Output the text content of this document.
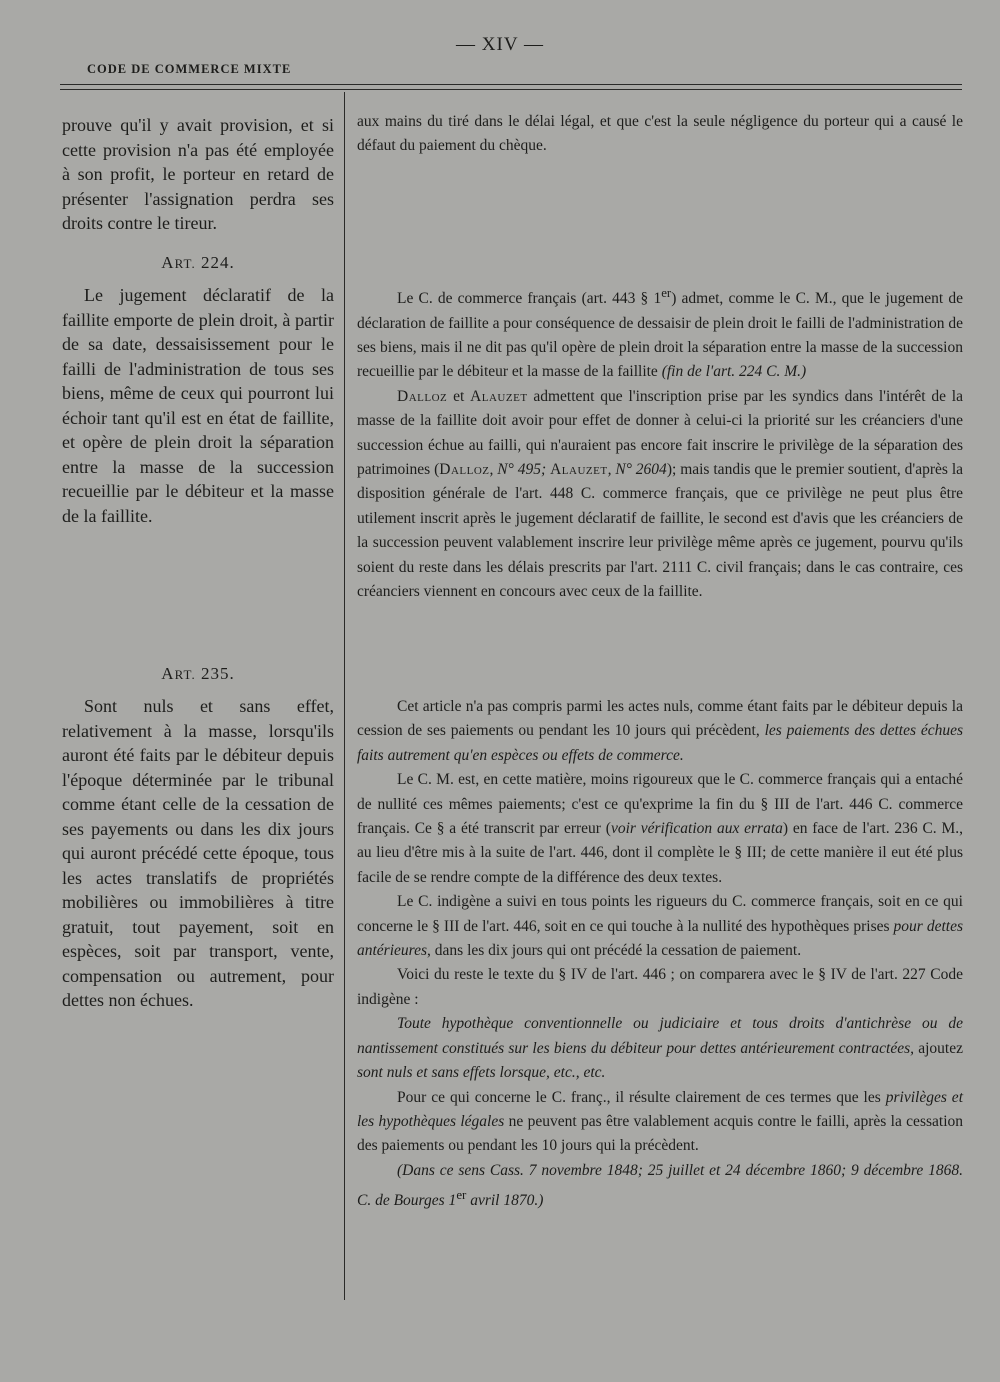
— XIV —
CODE DE COMMERCE MIXTE

prouve qu'il y avait provision, et si cette provision n'a pas été employée à son profit, le porteur en retard de présenter l'assignation perdra ses droits contre le tireur.

ART. 224.

Le jugement déclaratif de la faillite emporte de plein droit, à partir de sa date, dessaisissement pour le failli de l'administration de tous ses biens, même de ceux qui pourront lui échoir tant qu'il est en état de faillite, et opère de plein droit la séparation entre la masse de la succession recueillie par le débiteur et la masse de la faillite.

ART. 235.

Sont nuls et sans effet, relativement à la masse, lorsqu'ils auront été faits par le débiteur depuis l'époque déterminée par le tribunal comme étant celle de la cessation de ses payements ou dans les dix jours qui auront précédé cette époque, tous les actes translatifs de propriétés mobilières ou immobilières à titre gratuit, tout payement, soit en espèces, soit par transport, vente, compensation ou autrement, pour dettes non échues.

aux mains du tiré dans le délai légal, et que c'est la seule négligence du porteur qui a causé le défaut du paiement du chèque.

Le C. de commerce français (art. 443 § 1er) admet, comme le C. M., que le jugement de déclaration de faillite a pour conséquence de dessaisir de plein droit le failli de l'administration de ses biens, mais il ne dit pas qu'il opère de plein droit la séparation entre la masse de la succession recueillie par le débiteur et la masse de la faillite (fin de l'art. 224 C. M.)

Dalloz et Alauzet admettent que l'inscription prise par les syndics dans l'intérêt de la masse de la faillite doit avoir pour effet de donner à celui-ci la priorité sur les créanciers d'une succession échue au failli, qui n'auraient pas encore fait inscrire le privilège de la séparation des patrimoines (Dalloz, N° 495; Alauzet, N° 2604); mais tandis que le premier soutient, d'après la disposition générale de l'art. 448 C. commerce français, que ce privilège ne peut plus être utilement inscrit après le jugement déclaratif de faillite, le second est d'avis que les créanciers de la succession peuvent valablement inscrire leur privilège même après ce jugement, pourvu qu'ils soient du reste dans les délais prescrits par l'art. 2111 C. civil français; dans le cas contraire, ces créanciers viennent en concours avec ceux de la faillite.

Cet article n'a pas compris parmi les actes nuls, comme étant faits par le débiteur depuis la cession de ses paiements ou pendant les 10 jours qui précèdent, les paiements des dettes échues faits autrement qu'en espèces ou effets de commerce.

Le C. M. est, en cette matière, moins rigoureux que le C. commerce français qui a entaché de nullité ces mêmes paiements; c'est ce qu'exprime la fin du § III de l'art. 446 C. commerce français. Ce § a été transcrit par erreur (voir vérification aux errata) en face de l'art. 236 C. M., au lieu d'être mis à la suite de l'art. 446, dont il complète le § III; de cette manière il eut été plus facile de se rendre compte de la différence des deux textes.

Le C. indigène a suivi en tous points les rigueurs du C. commerce français, soit en ce qui concerne le § III de l'art. 446, soit en ce qui touche à la nullité des hypothèques prises pour dettes antérieures, dans les dix jours qui ont précédé la cessation de paiement.

Voici du reste le texte du § IV de l'art. 446 ; on comparera avec le § IV de l'art. 227 Code indigène :

Toute hypothèque conventionnelle ou judiciaire et tous droits d'antichrèse ou de nantissement constitués sur les biens du débiteur pour dettes antérieurement contractées, ajoutez sont nuls et sans effets lorsque, etc., etc.

Pour ce qui concerne le C. franç., il résulte clairement de ces termes que les privilèges et les hypothèques légales ne peuvent pas être valablement acquis contre le failli, après la cessation des paiements ou pendant les 10 jours qui la précèdent.

(Dans ce sens Cass. 7 novembre 1848; 25 juillet et 24 décembre 1860; 9 décembre 1868. C. de Bourges 1er avril 1870.)
